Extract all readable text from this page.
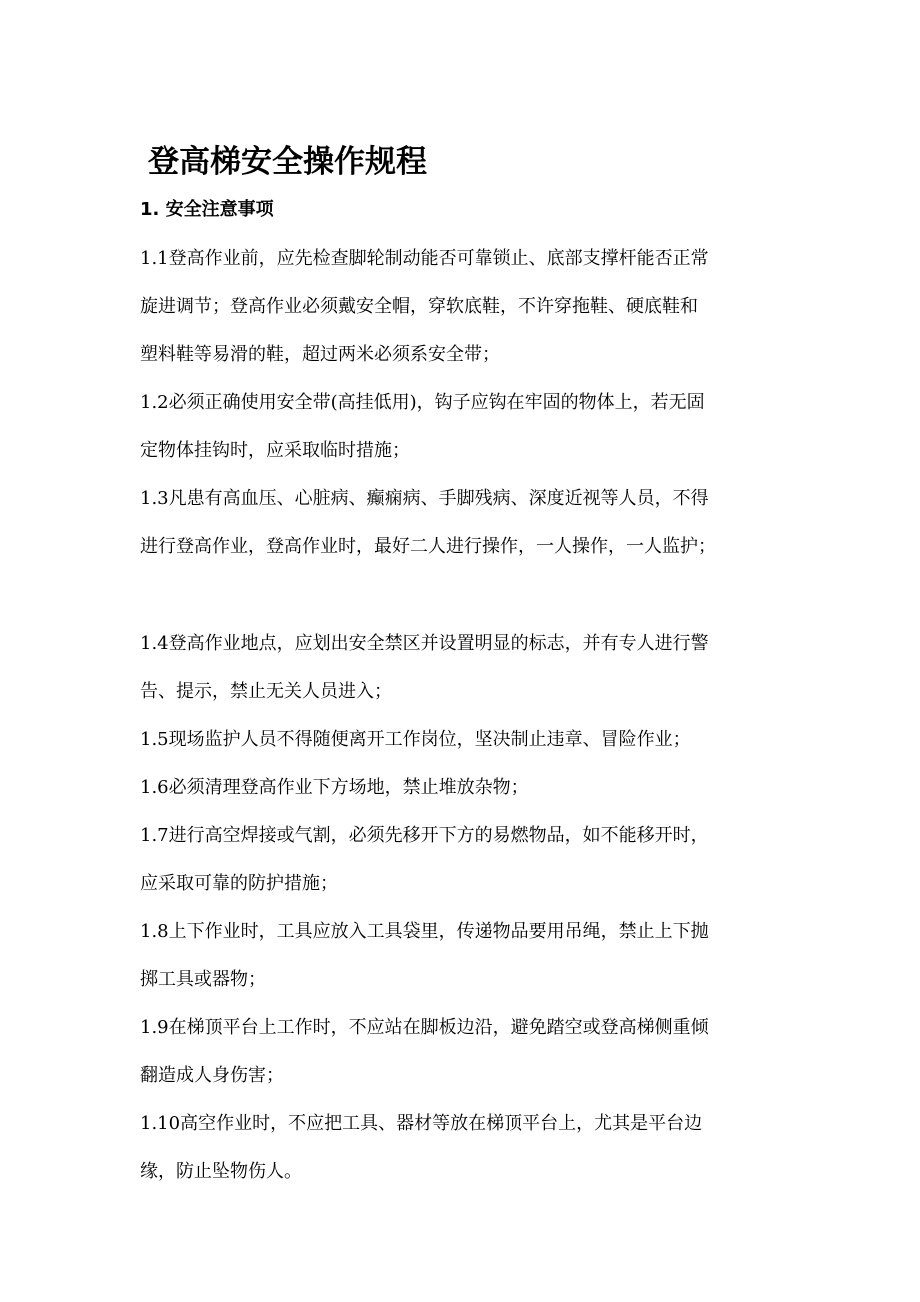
登高梯安全操作规程
1. 安全注意事项
1.1登高作业前，应先检查脚轮制动能否可靠锁止、底部支撑杆能否正常
旋进调节；登高作业必须戴安全帽，穿软底鞋，不许穿拖鞋、硬底鞋和
塑料鞋等易滑的鞋，超过两米必须系安全带；
1.2必须正确使用安全带(高挂低用)，钩子应钩在牢固的物体上，若无固
定物体挂钩时，应采取临时措施；
1.3凡患有高血压、心脏病、癫痫病、手脚残病、深度近视等人员，不得
进行登高作业，登高作业时，最好二人进行操作，一人操作，一人监护；
1.4登高作业地点，应划出安全禁区并设置明显的标志，并有专人进行警
告、提示，禁止无关人员进入；
1.5现场监护人员不得随便离开工作岗位，坚决制止违章、冒险作业；
1.6必须清理登高作业下方场地，禁止堆放杂物；
1.7进行高空焊接或气割，必须先移开下方的易燃物品，如不能移开时，
应采取可靠的防护措施；
1.8上下作业时，工具应放入工具袋里，传递物品要用吊绳，禁止上下抛
掷工具或器物；
1.9在梯顶平台上工作时，不应站在脚板边沿，避免踏空或登高梯侧重倾
翻造成人身伤害；
1.10高空作业时，不应把工具、器材等放在梯顶平台上，尤其是平台边
缘，防止坠物伤人。
